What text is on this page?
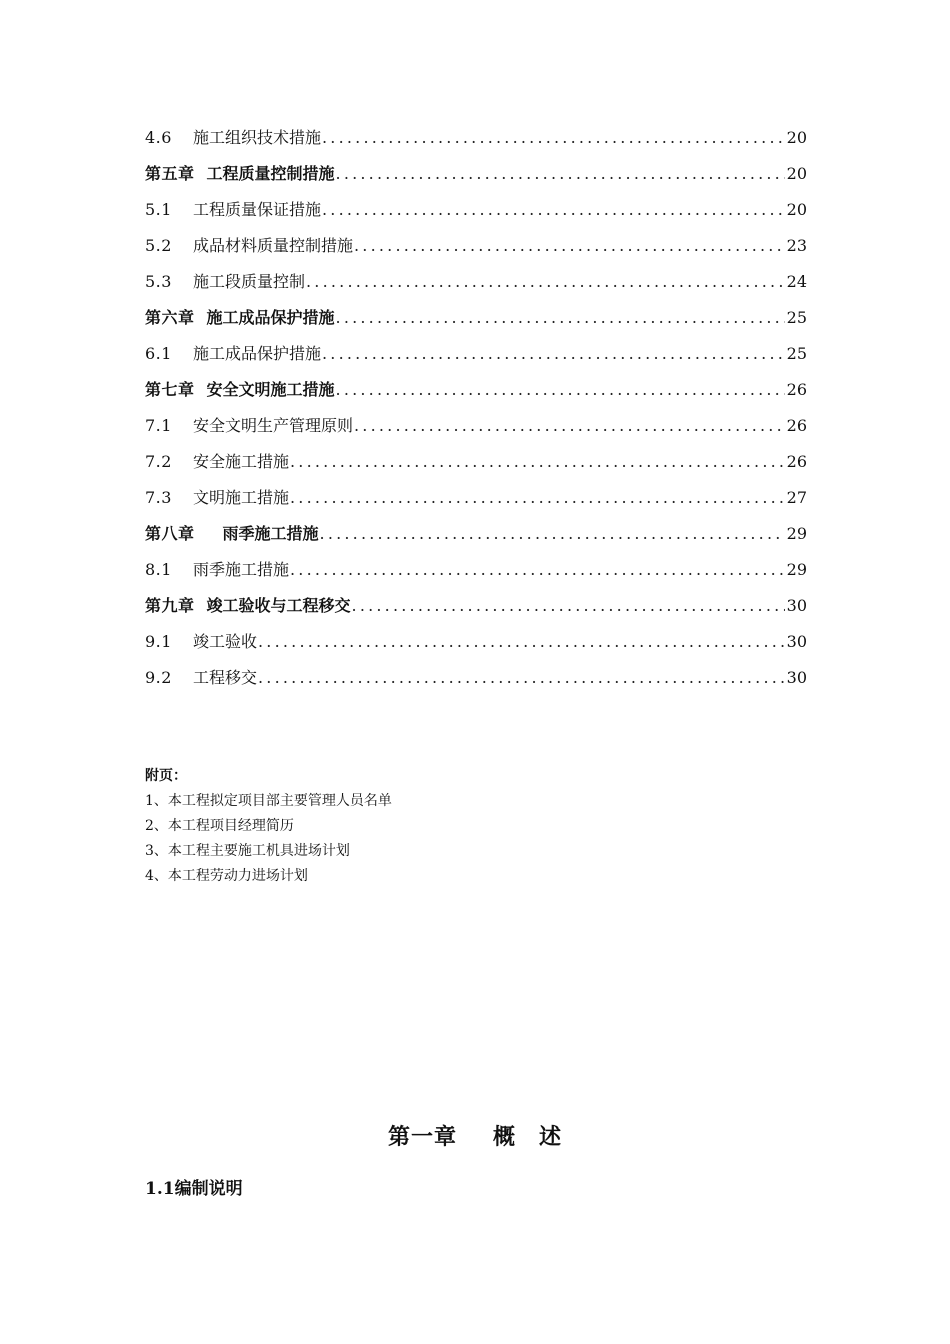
4.6	施工组织技术措施 .....	20
第五章 工程质量控制措施 .....	20
5.1	工程质量保证措施 .....	20
5.2	成品材料质量控制措施 .....	23
5.3	施工段质量控制 .....	24
第六章 施工成品保护措施 .....	25
6.1	施工成品保护措施 .....	25
第七章 安全文明施工措施 .....	26
7.1	安全文明生产管理原则 .....	26
7.2	安全施工措施 .....	26
7.3	文明施工措施 .....	27
第八章 雨季施工措施 .....	29
8.1	雨季施工措施 .....	29
第九章 竣工验收与工程移交 .....	30
9.1	竣工验收 .....	30
9.2	工程移交 .....	30
附页：
1、本工程拟定项目部主要管理人员名单
2、本工程项目经理简历
3、本工程主要施工机具进场计划
4、本工程劳动力进场计划
第一章 概　述
1.1编制说明
